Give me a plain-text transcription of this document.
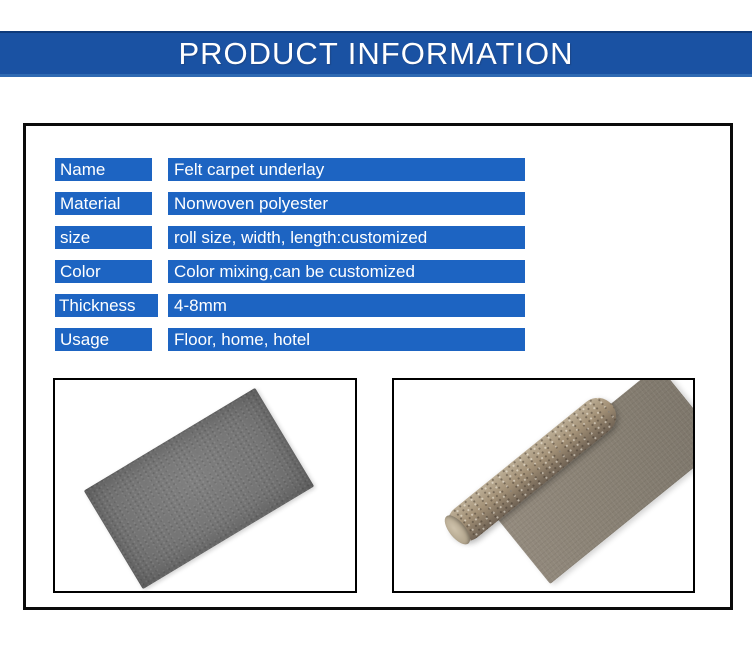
PRODUCT INFORMATION
Name	Felt carpet underlay
Material	Nonwoven polyester
size	roll size, width, length:customized
Color	Color mixing,can be customized
Thickness	4-8mm
Usage	Floor, home, hotel
